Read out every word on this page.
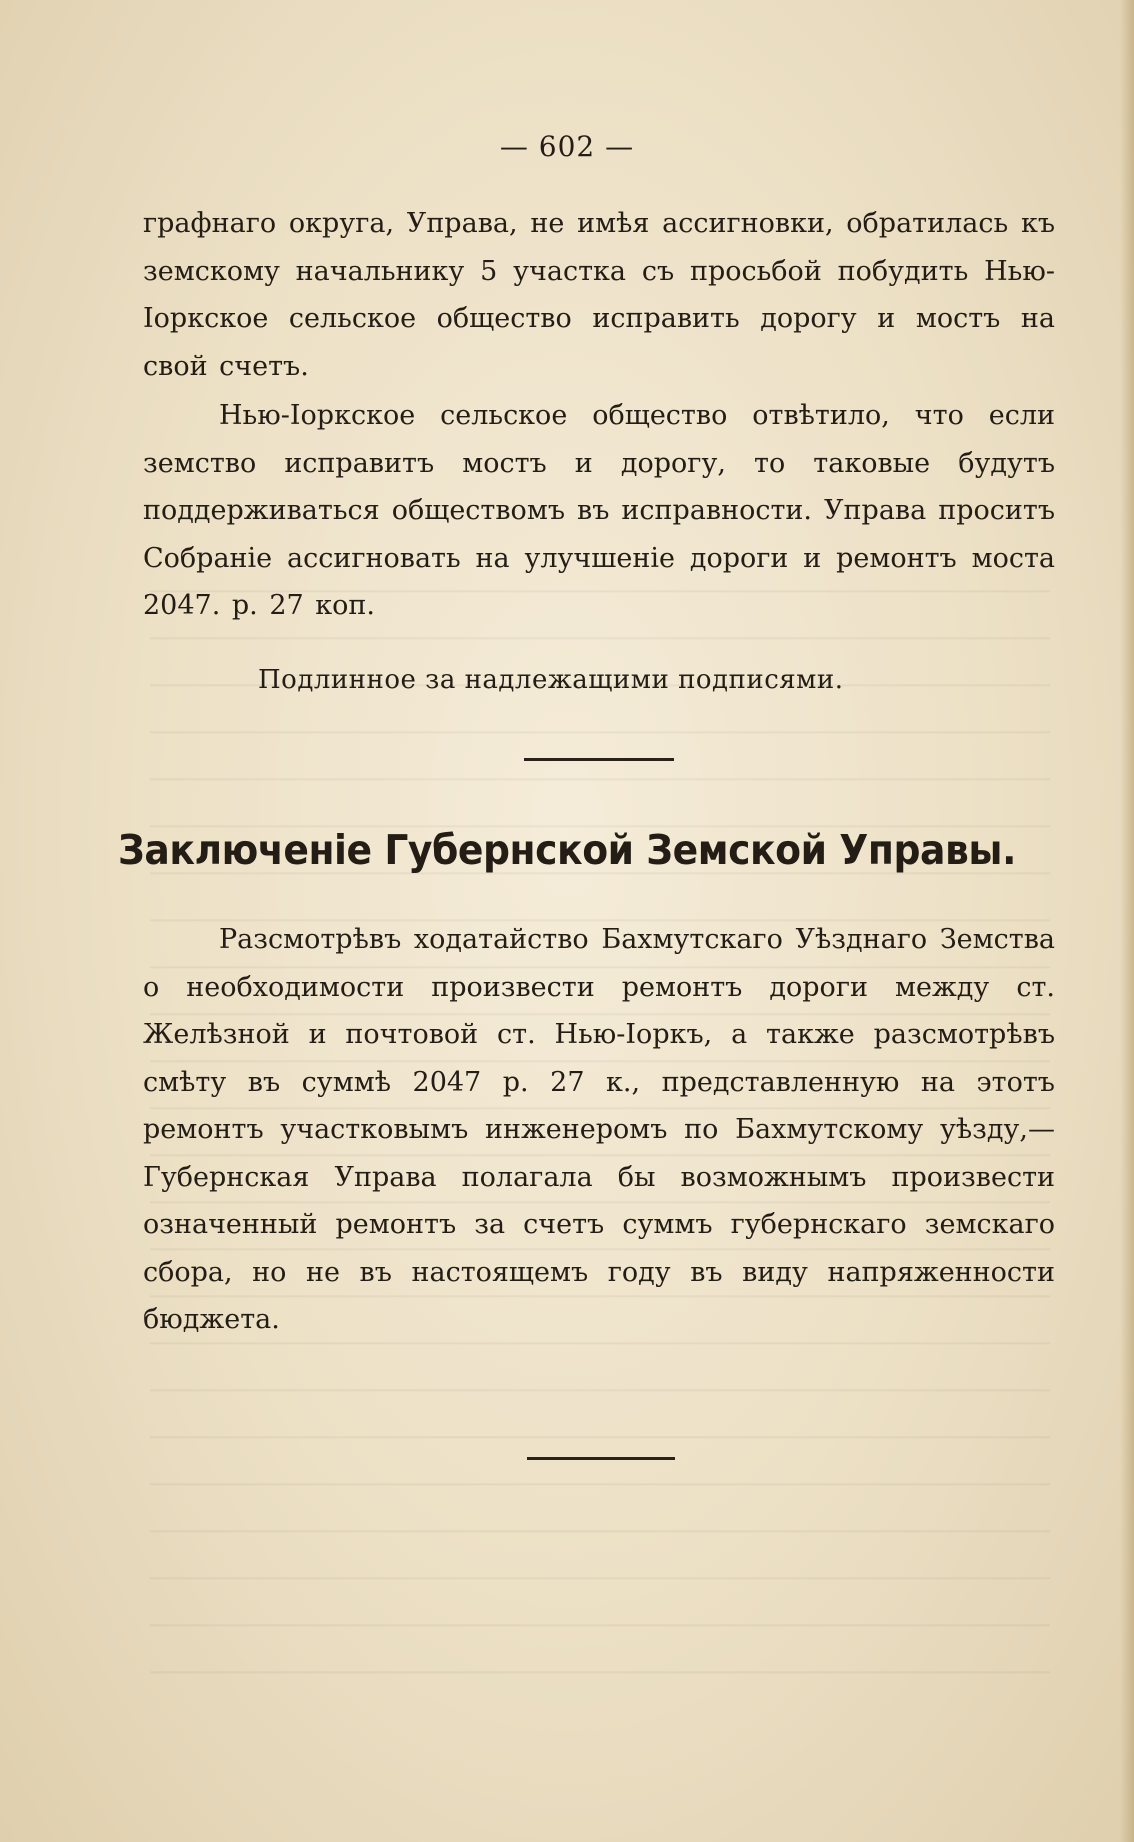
— 602 —
графнаго округа, Управа, не имѣя ассигновки, обратилась къ земскому начальнику 5 участка съ просьбой побудить Нью-Iоркское сельское общество исправить дорогу и мостъ на свой счетъ.
Нью-Iоркское сельское общество отвѣтило, что если земство исправитъ мостъ и дорогу, то таковые будутъ поддерживаться обществомъ въ исправности. Управа проситъ Собранiе ассигновать на улучшенiе дороги и ремонтъ моста 2047. р. 27 коп.
Подлинное за надлежащими подписями.
Заключенiе Губернской Земской Управы.
Разсмотрѣвъ ходатайство Бахмутскаго Уѣзднаго Земства о необходимости произвести ремонтъ дороги между ст. Желѣзной и почтовой ст. Нью-Iоркъ, а также разсмотрѣвъ смѣту въ суммѣ 2047 р. 27 к., представленную на этотъ ремонтъ участковымъ инженеромъ по Бахмутскому уѣзду,— Губернская Управа полагала бы возможнымъ произвести означенный ремонтъ за счетъ суммъ губернскаго земскаго сбора, но не въ настоящемъ году въ виду напряженности бюджета.
